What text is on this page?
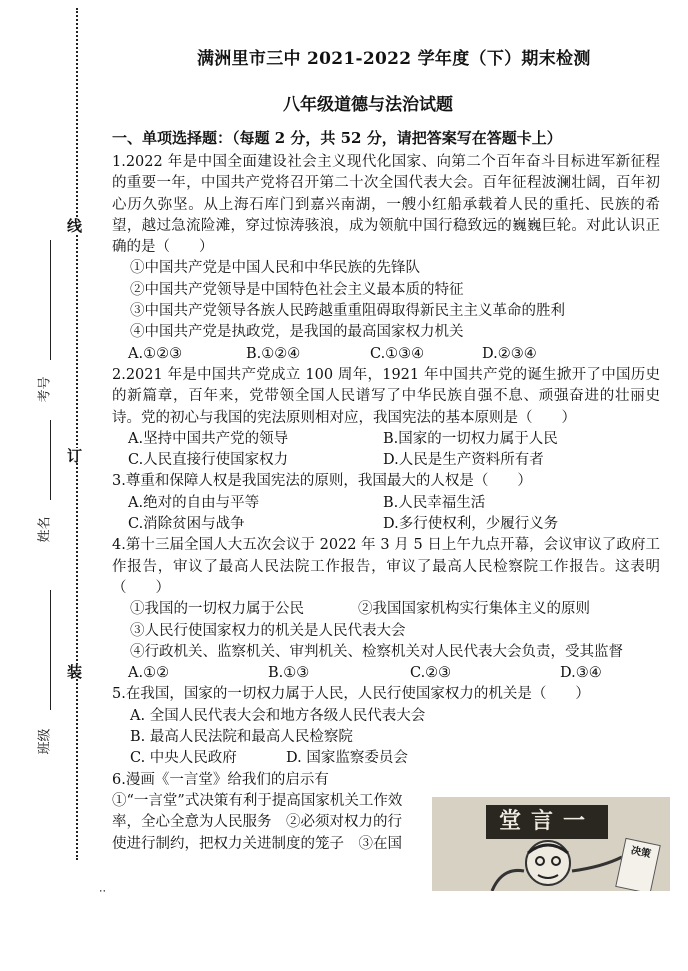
线
订
装
考号
姓名
班级
:
满洲里市三中 2021-2022 学年度（下）期末检测
八年级道德与法治试题
一、单项选择题：（每题 2 分，共 52 分，请把答案写在答题卡上）

1.2022 年是中国全面建设社会主义现代化国家、向第二个百年奋斗目标进军新征程的重要一年，中国共产党将召开第二十次全国代表大会。百年征程波澜壮阔，百年初心历久弥坚。从上海石库门到嘉兴南湖，一艘小红船承载着人民的重托、民族的希望，越过急流险滩，穿过惊涛骇浪，成为领航中国行稳致远的巍巍巨轮。对此认识正确的是（　　）

①中国共产党是中国人民和中华民族的先锋队

②中国共产党领导是中国特色社会主义最本质的特征

③中国共产党领导各族人民跨越重重阻碍取得新民主主义革命的胜利

④中国共产党是执政党，是我国的最高国家权力机关

A.①②③	B.①②④	C.①③④	D.②③④

2.2021 年是中国共产党成立 100 周年，1921 年中国共产党的诞生掀开了中国历史的新篇章，百年来，党带领全国人民谱写了中华民族自强不息、顽强奋进的壮丽史诗。党的初心与我国的宪法原则相对应，我国宪法的基本原则是（　　）

A.坚持中国共产党的领导	B.国家的一切权力属于人民
C.人民直接行使国家权力	D.人民是生产资料所有者

3.尊重和保障人权是我国宪法的原则，我国最大的人权是（　　）

A.绝对的自由与平等	B.人民幸福生活
C.消除贫困与战争	D.多行使权利，少履行义务

4.第十三届全国人大五次会议于 2022 年 3 月 5 日上午九点开幕，会议审议了政府工作报告，审议了最高人民法院工作报告，审议了最高人民检察院工作报告。这表明（　　）

①我国的一切权力属于公民	②我国国家机构实行集体主义的原则

③人民行使国家权力的机关是人民代表大会

④行政机关、监察机关、审判机关、检察机关对人民代表大会负责，受其监督

A.①②	B.①③	C.②③	D.③④

5.在我国，国家的一切权力属于人民，人民行使国家权力的机关是（　　）

A. 全国人民代表大会和地方各级人民代表大会

B. 最高人民法院和最高人民检察院

C. 中央人民政府	D. 国家监察委员会

6.漫画《一言堂》给我们的启示有

①“一言堂”式决策有利于提高国家机关工作效

率，全心全意为人民服务　②必须对权力的行

使进行制约，把权力关进制度的笼子　③在国

堂言一
决策
